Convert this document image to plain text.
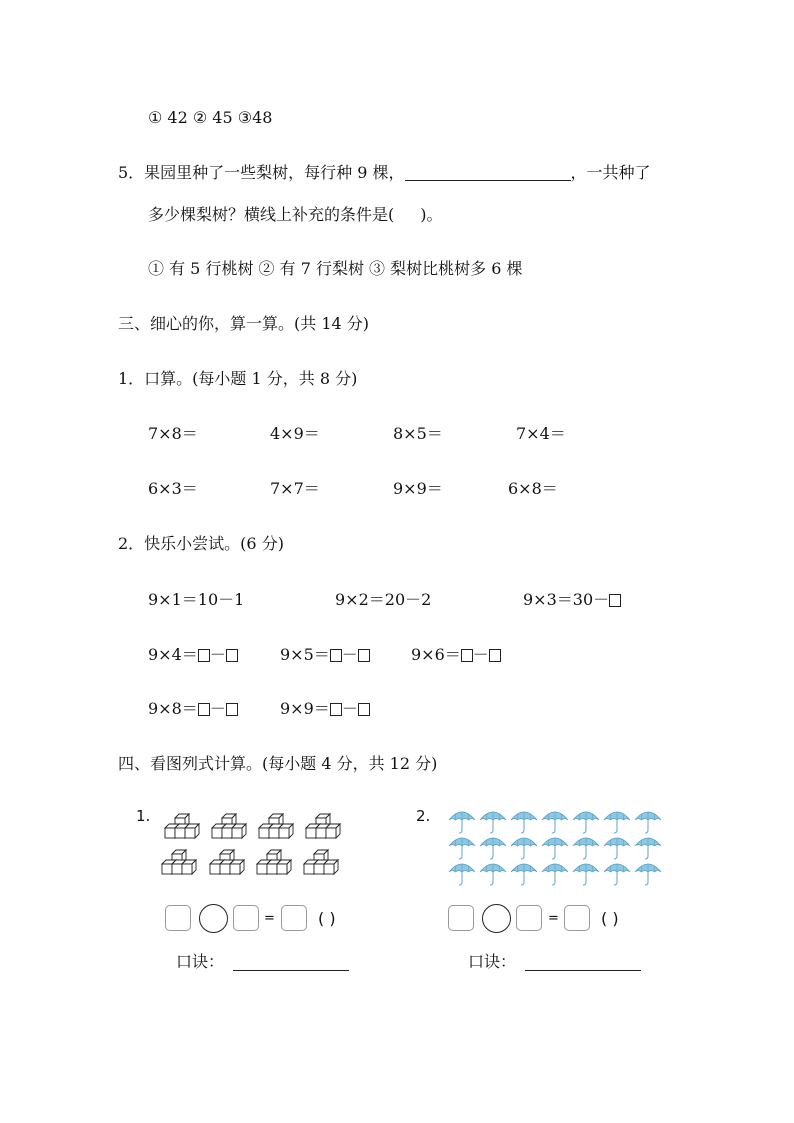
① 42 ② 45 ③48
5．果园里种了一些梨树，每行种 9 棵，	，一共种了
多少棵梨树？横线上补充的条件是( )。
① 有 5 行桃树 ② 有 7 行梨树 ③ 梨树比桃树多 6 棵
三、细心的你，算一算。(共 14 分)
1．口算。(每小题 1 分，共 8 分)
7×8＝	4×9＝	8×5＝	7×4＝
6×3＝	7×7＝	9×9＝	6×8＝
2．快乐小尝试。(6 分)
9×1＝10－1	9×2＝20－2	9×3＝30－
9×4＝ －	9×5＝ －	9×6＝ －
9×8＝ －	9×9＝ －
四、看图列式计算。(每小题 4 分，共 12 分)
1.
=	( )
口诀：
2.
=	( )
口诀：
